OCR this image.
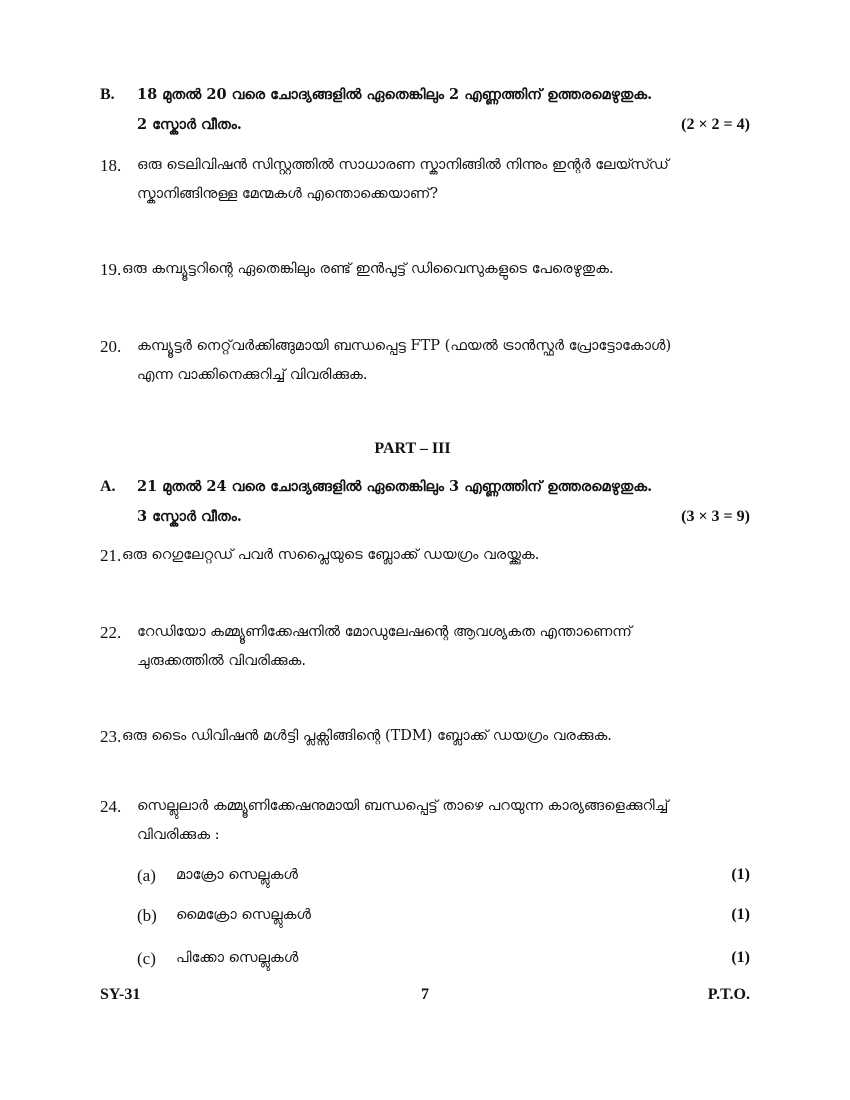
B. 18 മുതൽ 20 വരെ ചോദ്യങ്ങളിൽ ഏതെങ്കിലും 2 എണ്ണത്തിന് ഉത്തരമെഴുതുക.
2 സ്കോർ വീതം.	(2 × 2 = 4)
18. ഒരു ടെലിവിഷൻ സിസ്റ്റത്തിൽ സാധാരണ സ്കാനിങ്ങിൽ നിന്നും ഇന്റർ ലേയ്സ്ഡ്
സ്കാനിങ്ങിനുള്ള മേന്മകൾ എന്തൊക്കെയാണ്?
19. ഒരു കമ്പ്യൂട്ടറിന്റെ ഏതെങ്കിലും രണ്ട് ഇൻപുട്ട് ഡിവൈസുകളുടെ പേരെഴുതുക.
20. കമ്പ്യൂട്ടർ നെറ്റ്‌വർക്കിങ്ങുമായി ബന്ധപ്പെട്ട FTP (ഫയൽ ട്രാൻസ്ഫർ പ്രോട്ടോകോൾ)
എന്ന വാക്കിനെക്കുറിച്ച് വിവരിക്കുക.
PART – III
A. 21 മുതൽ 24 വരെ ചോദ്യങ്ങളിൽ ഏതെങ്കിലും 3 എണ്ണത്തിന് ഉത്തരമെഴുതുക.
3 സ്കോർ വീതം.	(3 × 3 = 9)
21. ഒരു റെഗുലേറ്റഡ് പവർ സപ്ലൈയുടെ ബ്ലോക്ക് ഡയഗ്രം വരയ്ക്കുക.
22. റേഡിയോ കമ്മ്യൂണിക്കേഷനിൽ മോഡുലേഷന്റെ ആവശ്യകത എന്താണെന്ന്
ചുരുക്കത്തിൽ വിവരിക്കുക.
23. ഒരു ടൈം ഡിവിഷൻ മൾട്ടി പ്ലക്സിങ്ങിന്റെ (TDM) ബ്ലോക്ക് ഡയഗ്രം വരക്കുക.
24. സെല്ലുലാർ കമ്മ്യൂണിക്കേഷനുമായി ബന്ധപ്പെട്ട് താഴെ പറയുന്ന കാര്യങ്ങളെക്കുറിച്ച്
വിവരിക്കുക :
(a) മാക്രോ സെല്ലുകൾ	(1)
(b) മൈക്രോ സെല്ലുകൾ	(1)
(c) പിക്കോ സെല്ലുകൾ	(1)
SY-31	7	P.T.O.
